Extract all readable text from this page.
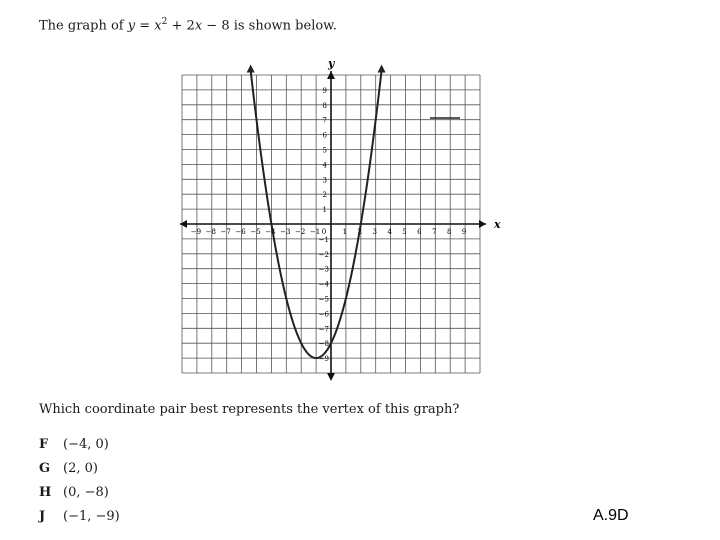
The graph of $y = x^2 + 2x - 8$ is shown below.
x
y
−9 −8 −7 −6 −5 −4 −3 −2 −1 0 1 2 3 4 5 6 7 8 9
1
2
3
4
5
6
7
8
9
−1
−2
−3
−4
−5
−6
−7
−8
−9
Which coordinate pair best represents the vertex of this graph?
F	(−4, 0)
G (2, 0)
H (0, −8)
J	(−1, −9)	A.9D
